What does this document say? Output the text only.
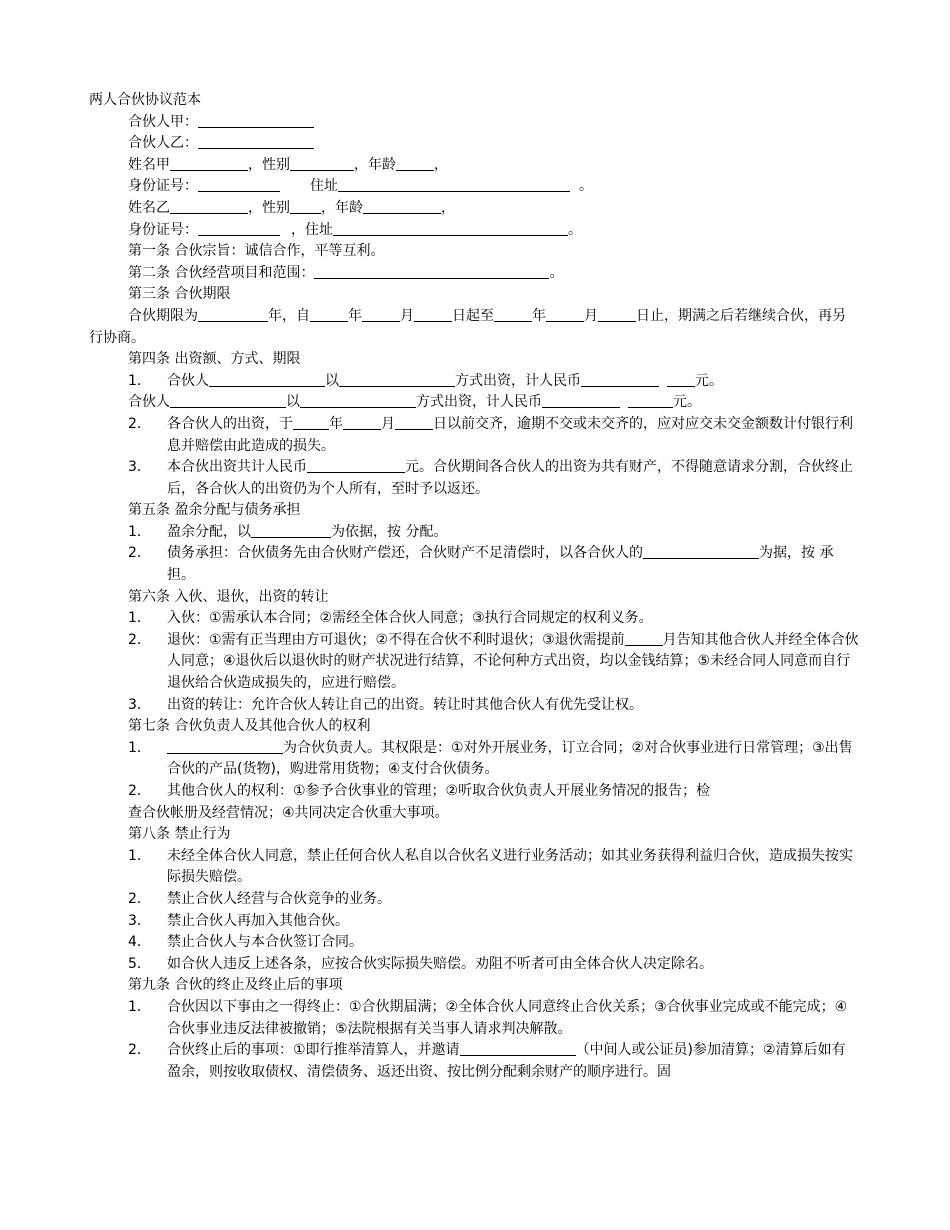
两人合伙协议范本
合伙人甲：
合伙人乙：
姓名甲	，性别	，年龄	，
身份证号：	住址	。
姓名乙	，性别 ，年龄	，
身份证号：	，住址	。
第一条 合伙宗旨：诚信合作，平等互利。
第二条 合伙经营项目和范围：	。
第三条 合伙期限
合伙期限为	年，自	年	月	日起至	年	月	日止，期满之后若继续合伙，再另行协商。
第四条 出资额、方式、期限
1． 合伙人	以	方式出资，计人民币	元。
合伙人	以	方式出资，计人民币	元。
2． 各合伙人的出资，于	年	月	日以前交齐，逾期不交或未交齐的，应对应交未交金额数计付银行利息并赔偿由此造成的损失。
3． 本合伙出资共计人民币	元。合伙期间各合伙人的出资为共有财产，不得随意请求分割，合伙终止后，各合伙人的出资仍为个人所有，至时予以返还。
第五条 盈余分配与债务承担
1． 盈余分配，以	为依据，按 分配。
2． 债务承担：合伙债务先由合伙财产偿还，合伙财产不足清偿时，以各合伙人的	为据，按 承担。
第六条 入伙、退伙，出资的转让
1． 入伙：①需承认本合同；②需经全体合伙人同意；③执行合同规定的权利义务。
2． 退伙：①需有正当理由方可退伙；②不得在合伙不利时退伙；③退伙需提前	月告知其他合伙人并经全体合伙人同意；④退伙后以退伙时的财产状况进行结算，不论何种方式出资，均以金钱结算；⑤未经合同人同意而自行退伙给合伙造成损失的，应进行赔偿。
3． 出资的转让：允许合伙人转让自己的出资。转让时其他合伙人有优先受让权。
第七条 合伙负责人及其他合伙人的权利
1．	为合伙负责人。其权限是：①对外开展业务，订立合同；②对合伙事业进行日常管理；③出售合伙的产品(货物)，购进常用货物；④支付合伙债务。
2． 其他合伙人的权利：①参予合伙事业的管理；②听取合伙负责人开展业务情况的报告；检
查合伙帐册及经营情况；④共同决定合伙重大事项。
第八条 禁止行为
1． 未经全体合伙人同意，禁止任何合伙人私自以合伙名义进行业务活动；如其业务获得利益归合伙，造成损失按实际损失赔偿。
2． 禁止合伙人经营与合伙竞争的业务。
3． 禁止合伙人再加入其他合伙。
4． 禁止合伙人与本合伙签订合同。
5． 如合伙人违反上述各条，应按合伙实际损失赔偿。劝阻不听者可由全体合伙人决定除名。
第九条 合伙的终止及终止后的事项
1． 合伙因以下事由之一得终止：①合伙期届满；②全体合伙人同意终止合伙关系；③合伙事业完成或不能完成；④合伙事业违反法律被撤销；⑤法院根据有关当事人请求判决解散。
2． 合伙终止后的事项：①即行推举清算人，并邀请	（中间人或公证员)参加清算；②清算后如有盈余，则按收取债权、清偿债务、返还出资、按比例分配剩余财产的顺序进行。固
